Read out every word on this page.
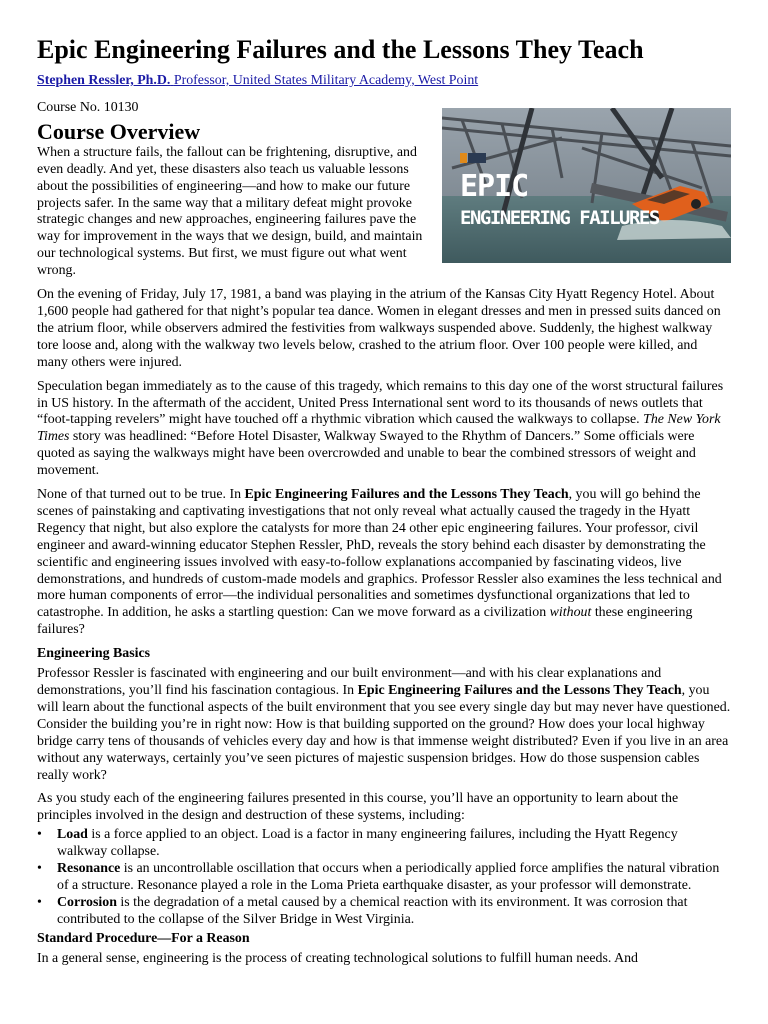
Epic Engineering Failures and the Lessons They Teach
Stephen Ressler, Ph.D. Professor, United States Military Academy, West Point
Course No. 10130
EPIC
ENGINEERING FAILURES
Course Overview

When a structure fails, the fallout can be frightening, disruptive, and even deadly. And yet, these disasters also teach us valuable lessons about the possibilities of engineering—and how to make our future projects safer. In the same way that a military defeat might provoke strategic changes and new approaches, engineering failures pave the way for improvement in the ways that we design, build, and maintain our technological systems. But first, we must figure out what went wrong.

On the evening of Friday, July 17, 1981, a band was playing in the atrium of the Kansas City Hyatt Regency Hotel. About 1,600 people had gathered for that night’s popular tea dance. Women in elegant dresses and men in pressed suits danced on the atrium floor, while observers admired the festivities from walkways suspended above. Suddenly, the highest walkway tore loose and, along with the walkway two levels below, crashed to the atrium floor. Over 100 people were killed, and many others were injured.

Speculation began immediately as to the cause of this tragedy, which remains to this day one of the worst structural failures in US history. In the aftermath of the accident, United Press International sent word to its thousands of news outlets that “foot-tapping revelers” might have touched off a rhythmic vibration which caused the walkways to collapse. The New York Times story was headlined: “Before Hotel Disaster, Walkway Swayed to the Rhythm of Dancers.” Some officials were quoted as saying the walkways might have been overcrowded and unable to bear the combined stressors of weight and movement.

None of that turned out to be true. In Epic Engineering Failures and the Lessons They Teach, you will go behind the scenes of painstaking and captivating investigations that not only reveal what actually caused the tragedy in the Hyatt Regency that night, but also explore the catalysts for more than 24 other epic engineering failures. Your professor, civil engineer and award-winning educator Stephen Ressler, PhD, reveals the story behind each disaster by demonstrating the scientific and engineering issues involved with easy-to-follow explanations accompanied by fascinating videos, live demonstrations, and hundreds of custom-made models and graphics. Professor Ressler also examines the less technical and more human components of error—the individual personalities and sometimes dysfunctional organizations that led to catastrophe. In addition, he asks a startling question: Can we move forward as a civilization without these engineering failures?

Engineering Basics

Professor Ressler is fascinated with engineering and our built environment—and with his clear explanations and demonstrations, you’ll find his fascination contagious. In Epic Engineering Failures and the Lessons They Teach, you will learn about the functional aspects of the built environment that you see every single day but may never have questioned. Consider the building you’re in right now: How is that building supported on the ground? How does your local highway bridge carry tens of thousands of vehicles every day and how is that immense weight distributed? Even if you live in an area without any waterways, certainly you’ve seen pictures of majestic suspension bridges. How do those suspension cables really work?

As you study each of the engineering failures presented in this course, you’ll have an opportunity to learn about the principles involved in the design and destruction of these systems, including:

• Load is a force applied to an object. Load is a factor in many engineering failures, including the Hyatt Regency walkway collapse.
• Resonance is an uncontrollable oscillation that occurs when a periodically applied force amplifies the natural vibration of a structure. Resonance played a role in the Loma Prieta earthquake disaster, as your professor will demonstrate.
• Corrosion is the degradation of a metal caused by a chemical reaction with its environment. It was corrosion that contributed to the collapse of the Silver Bridge in West Virginia.
Standard Procedure—For a Reason

In a general sense, engineering is the process of creating technological solutions to fulfill human needs. And
